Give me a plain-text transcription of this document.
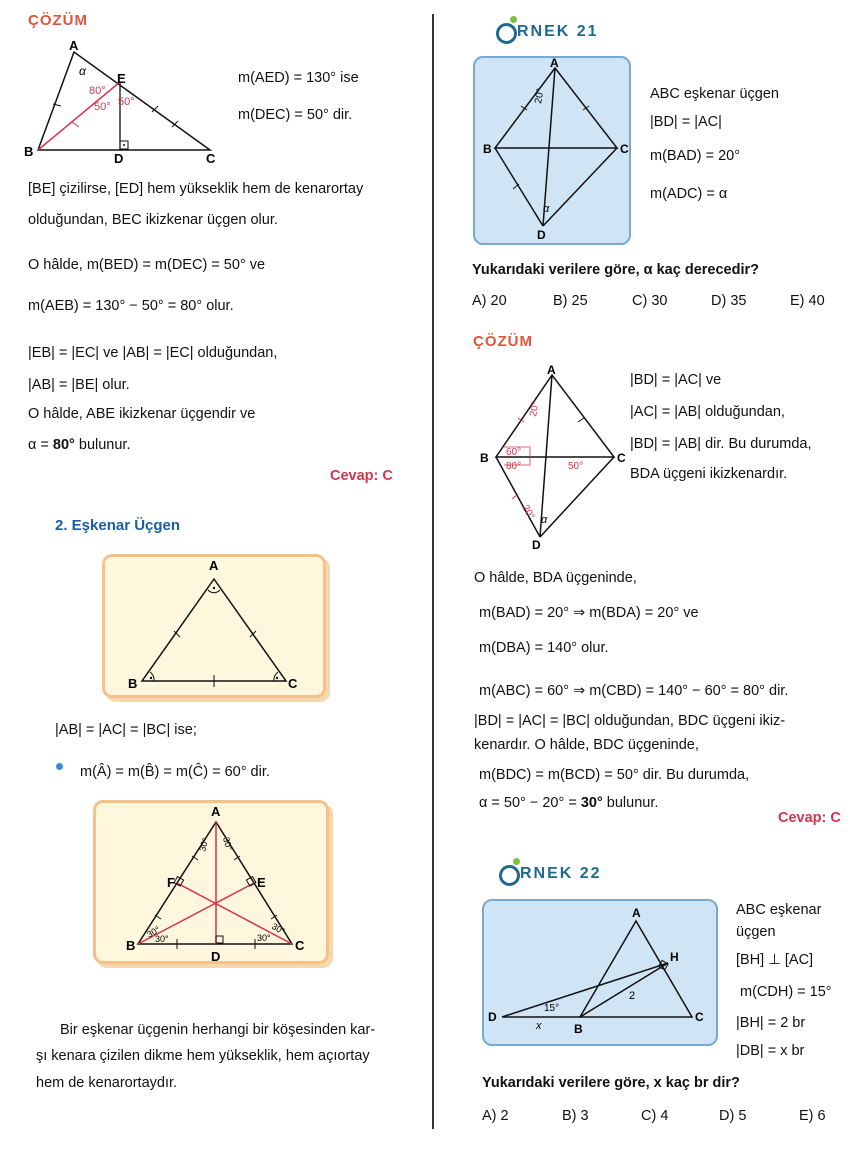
ÇÖZÜM
A
B	C
D
E
α
80°
50° 50°
m(AED) = 130° ise
m(DEC) = 50° dir.
[BE] çizilirse, [ED] hem yükseklik hem de kenarortay
olduğundan, BEC ikizkenar üçgen olur.
O hâlde, m(BED) = m(DEC) = 50° ve
m(AEB) = 130° − 50° = 80° olur.
|EB| = |EC| ve |AB| = |EC| olduğundan,
|AB| = |BE| olur.
O hâlde, ABE ikizkenar üçgendir ve
α = 80° bulunur.
Cevap: C
2. Eşkenar Üçgen
A
B	C
|AB| = |AC| = |BC| ise;
m(Â) = m(B̂) = m(Ĉ) = 60° dir.
A
B	C
D
E
F
30° 30°
30°
30°	30°
30°
Bir eşkenar üçgenin herhangi bir köşesinden kar-
şı kenara çizilen dikme hem yükseklik, hem açıortay
hem de kenarortaydır.
RNEK 21
A
B	C
D
20°
α
ABC eşkenar üçgen
|BD| = |AC|
m(BAD) = 20°
m(ADC) = α
Yukarıdaki verilere göre, α kaç derecedir?
A) 20	B) 25	C) 30	D) 35	E) 40
ÇÖZÜM
A
B	C
D
20°
20°
60°
80°	50°
α
|BD| = |AC| ve
|AC| = |AB| olduğundan,
|BD| = |AB| dir. Bu durumda,
BDA üçgeni ikizkenardır.
O hâlde, BDA üçgeninde,
m(BAD) = 20° ⇒ m(BDA) = 20° ve
m(DBA) = 140° olur.
m(ABC) = 60° ⇒ m(CBD) = 140° − 60° = 80° dir.
|BD| = |AC| = |BC| olduğundan, BDC üçgeni ikiz-
kenardır. O hâlde, BDC üçgeninde,
m(BDC) = m(BCD) = 50° dir. Bu durumda,
α = 50° − 20° = 30° bulunur.
Cevap: C
RNEK 22
A
D
B
C
H
15°
x
2
ABC eşkenar
üçgen
[BH] ⊥ [AC]
m(CDH) = 15°
|BH| = 2 br
|DB| = x br
Yukarıdaki verilere göre, x kaç br dir?
A) 2	B) 3	C) 4	D) 5	E) 6
